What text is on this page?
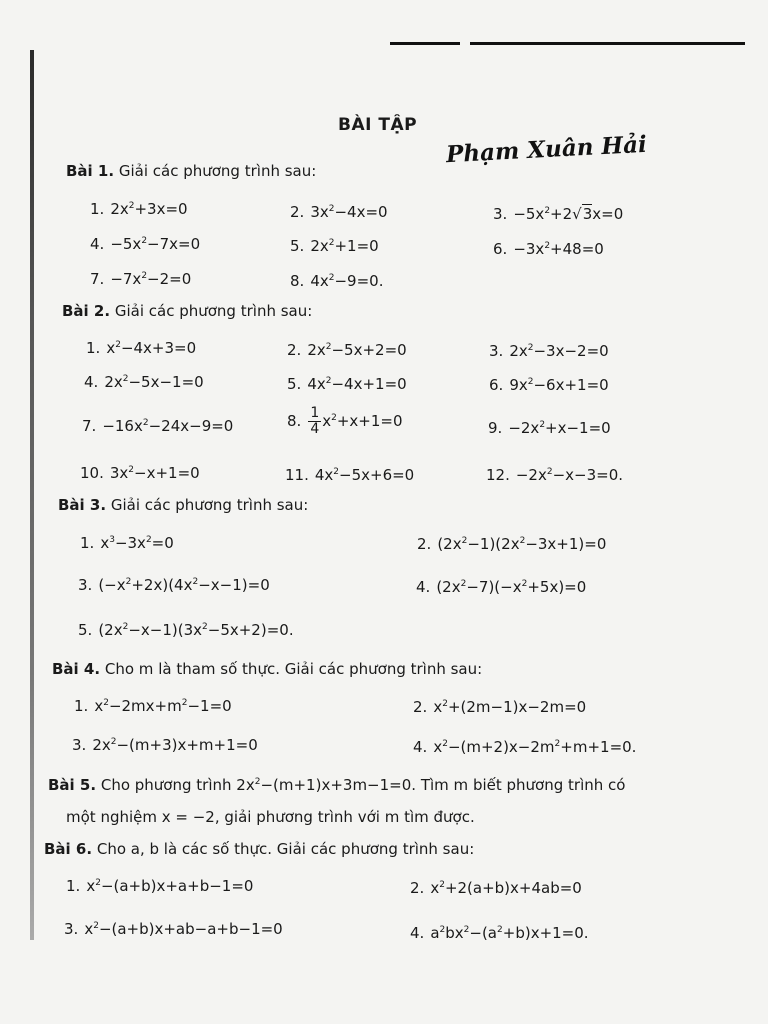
BÀI TẬP
Phạm Xuân Hải
Bài 1. Giải các phương trình sau:
1. $2x^2+3x=0$	2. $3x^2-4x=0$	3. $-5x^2+2√3x=0$
4. $-5x^2-7x=0$	5. $2x^2+1=0$	6. $-3x^2+48=0$
7. $-7x^2-2=0$	8. $4x^2-9=0$.
Bài 2. Giải các phương trình sau:
1. $x^2-4x+3=0$	2. $2x^2-5x+2=0$	3. $2x^2-3x-2=0$
4. $2x^2-5x-1=0$	5. $4x^2-4x+1=0$	6. $9x^2-6x+1=0$
7. $-16x^2-24x-9=0$	8. $\frac{1}{4} x^2+x+1=0$	9. $-2x^2+x-1=0$
10. $3x^2-x+1=0$	11. $4x^2-5x+6=0$	12. $-2x^2-x-3=0$.
Bài 3. Giải các phương trình sau:
1. $x^3-3x^2=0$	2. $(2x^2-1)(2x^2-3x+1)=0$
3. $(-x^2+2x)(4x^2-x-1)=0$	4. $(2x^2-7)(-x^2+5x)=0$
5. $(2x^2-x-1)(3x^2-5x+2)=0$.
Bài 4. Cho m là tham số thực. Giải các phương trình sau:
1. $x^2-2mx+m^2-1=0$	2. $x^2+(2m-1)x-2m=0$
3. $2x^2-(m+3)x+m+1=0$	4. $x^2-(m+2)x-2m^2+m+1=0$.
Bài 5. Cho phương trình $2x^2-(m+1)x+3m-1=0$. Tìm m biết phương trình có
một nghiệm x = −2, giải phương trình với m tìm được.
Bài 6. Cho a, b là các số thực. Giải các phương trình sau:
1. $x^2-(a+b)x+a+b-1=0$	2. $x^2+2(a+b)x+4ab=0$
3. $x^2-(a+b)x+ab-a+b-1=0$	4. $a^2bx^2-(a^2+b)x+1=0$.
